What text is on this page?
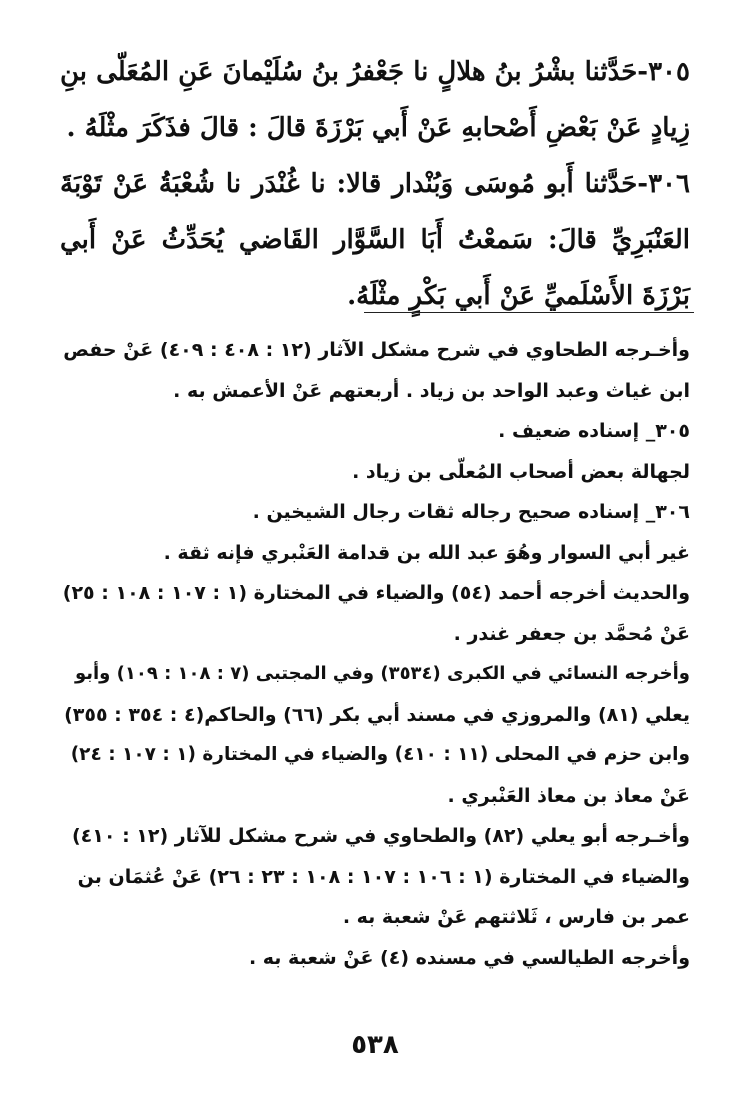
٣٠٥-حَدَّثنا بشْرُ بنُ هلالٍ نا جَعْفرُ بنُ سُلَيْمانَ عَنِ المُعَلّى بنِ زِيادٍ عَنْ بَعْضِ أَصْحابهِ عَنْ أَبي بَرْزَةَ قالَ : قالَ فذَكَرَ مثْلَهُ .

٣٠٦-حَدَّثنا أَبو مُوسَى وَبُنْدار قالا: نا غُنْدَر نا شُعْبَةُ عَنْ تَوْبَةَ العَنْبَرِيِّ قالَ: سَمعْتُ أَبَا السَّوَّار القَاضي يُحَدِّثُ عَنْ أَبي بَرْزَةَ الأَسْلَميِّ عَنْ أَبي بَكْرٍ مثْلَهُ.

وأخـرجه الطحاوي في شرح مشكل الآثار (١٢ : ٤٠٨ : ٤٠٩) عَنْ حفص

ابن غياث وعبد الواحد بن زياد . أربعتهم عَنْ الأعمش به .

٣٠٥_ إسناده ضعيف .

لجهالة بعض أصحاب المُعلّى بن زياد .

٣٠٦_ إسناده صحيح رجاله ثقات رجال الشيخين .

غير أبي السوار وهُوَ عبد الله بن قدامة العَنْبري فإنه ثقة .

والحديث أخرجه أحمد (٥٤) والضياء في المختارة (١ : ١٠٧ : ١٠٨ : ٢٥)

عَنْ مُحمَّد بن جعفر غندر .

وأخرجه النسائي في الكبرى (٣٥٣٤) وفي المجتبى (٧ : ١٠٨ : ١٠٩) وأبو

يعلي (٨١) والمروزي في مسند أبي بكر (٦٦) والحاكم(٤ : ٣٥٤ : ٣٥٥)

وابن حزم في المحلى (١١ : ٤١٠) والضياء في المختارة (١ : ١٠٧ : ٢٤)

عَنْ معاذ بن معاذ العَنْبري .

وأخـرجه أبو يعلي (٨٢) والطحاوي في شرح مشكل للآثار (١٢ : ٤١٠)

والضياء في المختارة (١ : ١٠٦ : ١٠٧ : ١٠٨ : ٢٣ : ٢٦) عَنْ عُثمَان بن

عمر بن فارس ، ثَلاثتهم عَنْ شعبة به .

وأخرجه الطيالسي في مسنده (٤) عَنْ شعبة به .

٥٣٨
